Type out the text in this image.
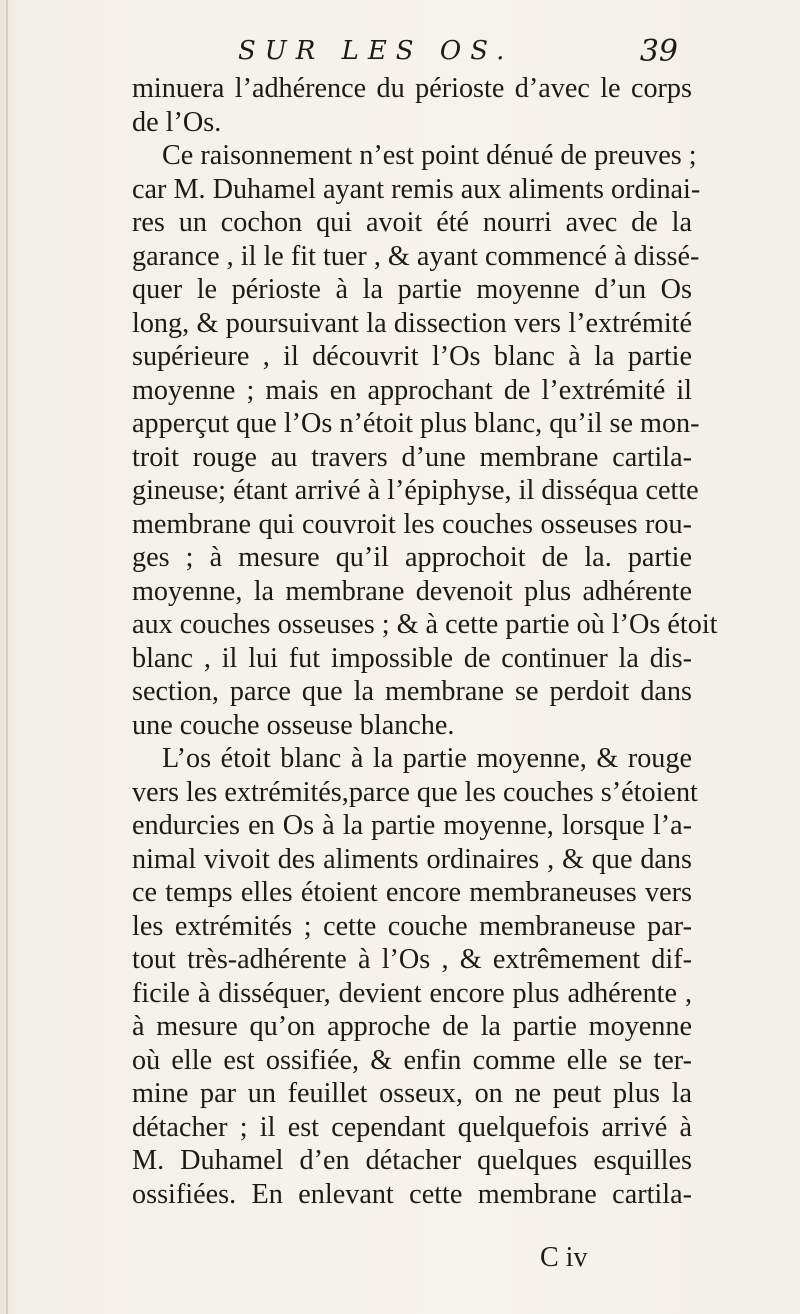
SUR LES OS.	39

minuera l’adhérence du périoste d’avec le corps
de l’Os.

Ce raisonnement n’est point dénué de preuves ;
car M. Duhamel ayant remis aux aliments ordinai-
res un cochon qui avoit été nourri avec de la
garance , il le fit tuer , & ayant commencé à dissé-
quer le périoste à la partie moyenne d’un Os
long, & poursuivant la dissection vers l’extrémité
supérieure , il découvrit l’Os blanc à la partie
moyenne ; mais en approchant de l’extrémité il
apperçut que l’Os n’étoit plus blanc, qu’il se mon-
troit rouge au travers d’une membrane cartila-
gineuse; étant arrivé à l’épiphyse, il disséqua cette
membrane qui couvroit les couches osseuses rou-
ges ; à mesure qu’il approchoit de la. partie
moyenne, la membrane devenoit plus adhérente
aux couches osseuses ; & à cette partie où l’Os étoit
blanc , il lui fut impossible de continuer la dis-
section, parce que la membrane se perdoit dans
une couche osseuse blanche.

L’os étoit blanc à la partie moyenne, & rouge
vers les extrémités,parce que les couches s’étoient
endurcies en Os à la partie moyenne, lorsque l’a-
nimal vivoit des aliments ordinaires , & que dans
ce temps elles étoient encore membraneuses vers
les extrémités ; cette couche membraneuse par-
tout très-adhérente à l’Os , & extrêmement dif-
ficile à disséquer, devient encore plus adhérente ,
à mesure qu’on approche de la partie moyenne
où elle est ossifiée, & enfin comme elle se ter-
mine par un feuillet osseux, on ne peut plus la
détacher ; il est cependant quelquefois arrivé à
M. Duhamel d’en détacher quelques esquilles
ossifiées. En enlevant cette membrane cartila-

C iv
